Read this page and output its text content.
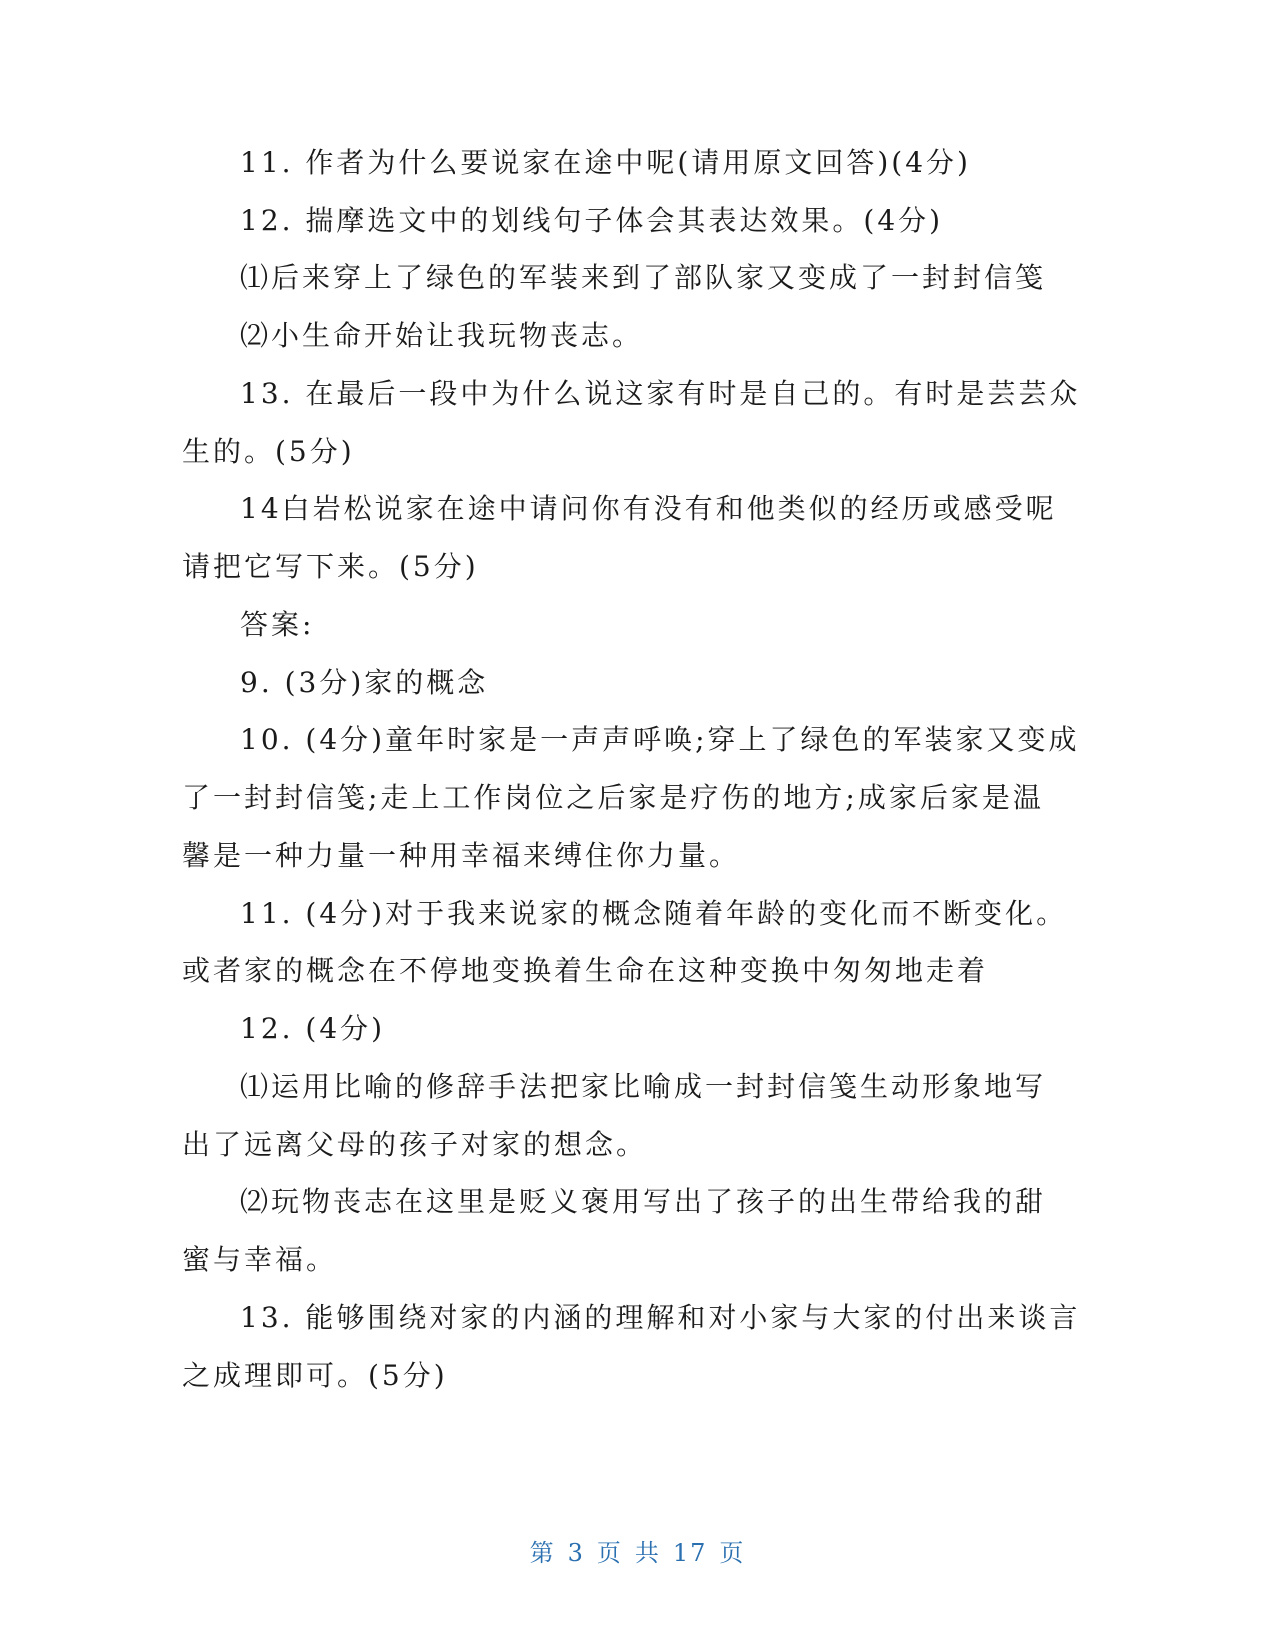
11. 作者为什么要说家在途中呢(请用原文回答)(4分)
12. 揣摩选文中的划线句子体会其表达效果。(4分)
⑴后来穿上了绿色的军装来到了部队家又变成了一封封信笺
⑵小生命开始让我玩物丧志。
13. 在最后一段中为什么说这家有时是自己的。有时是芸芸众
生的。(5分)
14白岩松说家在途中请问你有没有和他类似的经历或感受呢
请把它写下来。(5分)
答案:
9. (3分)家的概念
10. (4分)童年时家是一声声呼唤;穿上了绿色的军装家又变成
了一封封信笺;走上工作岗位之后家是疗伤的地方;成家后家是温
馨是一种力量一种用幸福来缚住你力量。
11. (4分)对于我来说家的概念随着年龄的变化而不断变化。
或者家的概念在不停地变换着生命在这种变换中匆匆地走着
12. (4分)
⑴运用比喻的修辞手法把家比喻成一封封信笺生动形象地写
出了远离父母的孩子对家的想念。
⑵玩物丧志在这里是贬义褒用写出了孩子的出生带给我的甜
蜜与幸福。
13. 能够围绕对家的内涵的理解和对小家与大家的付出来谈言
之成理即可。(5分)
第 3 页 共 17 页
